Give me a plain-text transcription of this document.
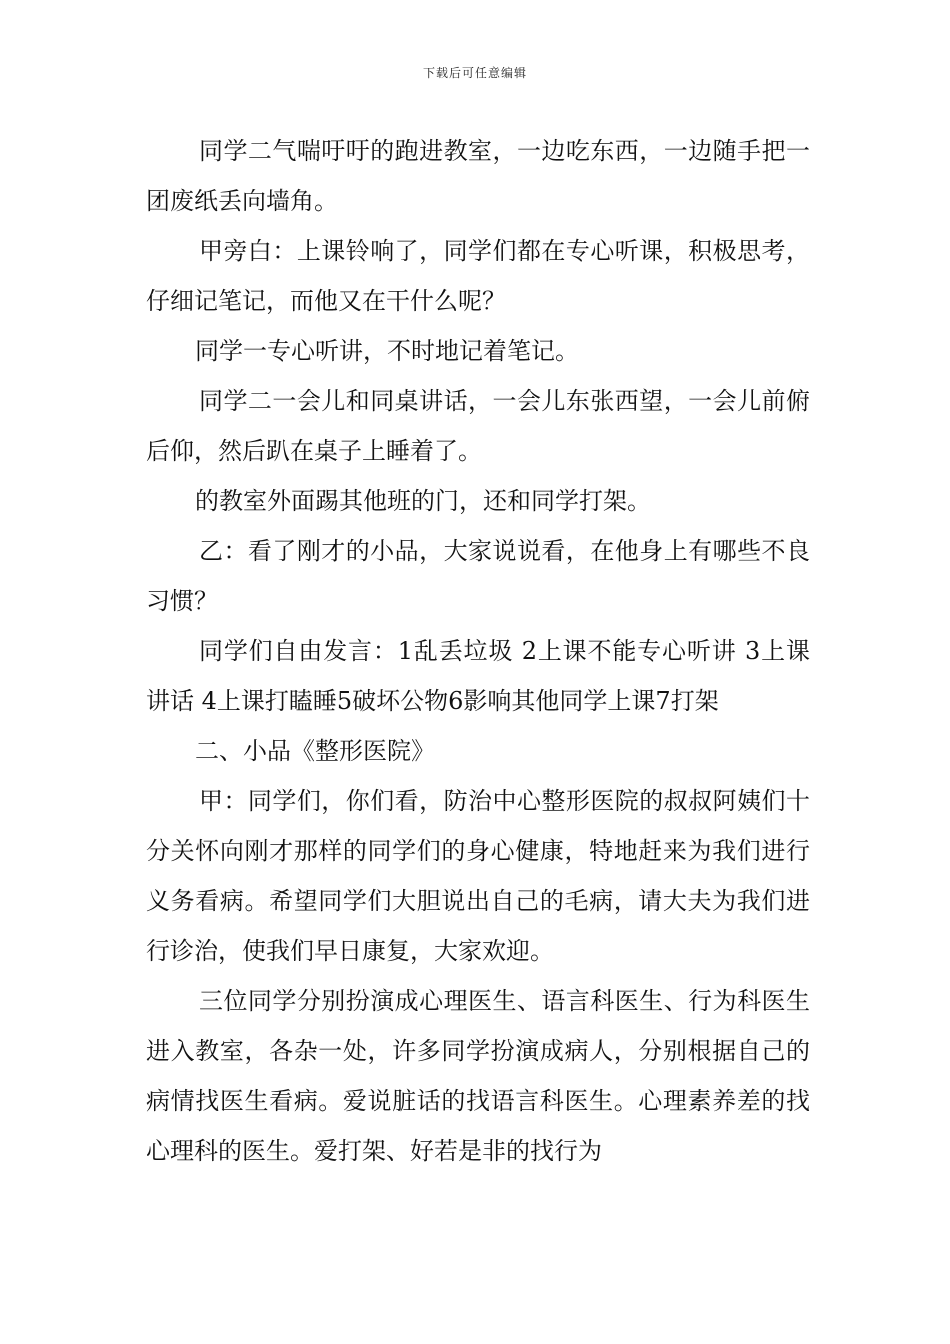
下载后可任意编辑

同学二气喘吁吁的跑进教室，一边吃东西，一边随手把一团废纸丢向墙角。

甲旁白：上课铃响了，同学们都在专心听课，积极思考，仔细记笔记，而他又在干什么呢？

同学一专心听讲，不时地记着笔记。

同学二一会儿和同桌讲话，一会儿东张西望，一会儿前俯后仰，然后趴在桌子上睡着了。

的教室外面踢其他班的门，还和同学打架。

乙：看了刚才的小品，大家说说看，在他身上有哪些不良习惯？

同学们自由发言：1乱丢垃圾 2上课不能专心听讲 3上课讲话 4上课打瞌睡5破坏公物6影响其他同学上课7打架

二、小品《整形医院》

甲：同学们，你们看，防治中心整形医院的叔叔阿姨们十分关怀向刚才那样的同学们的身心健康，特地赶来为我们进行义务看病。希望同学们大胆说出自己的毛病，请大夫为我们进行诊治，使我们早日康复，大家欢迎。

三位同学分别扮演成心理医生、语言科医生、行为科医生进入教室，各杂一处，许多同学扮演成病人，分别根据自己的病情找医生看病。爱说脏话的找语言科医生。心理素养差的找心理科的医生。爱打架、好若是非的找行为
